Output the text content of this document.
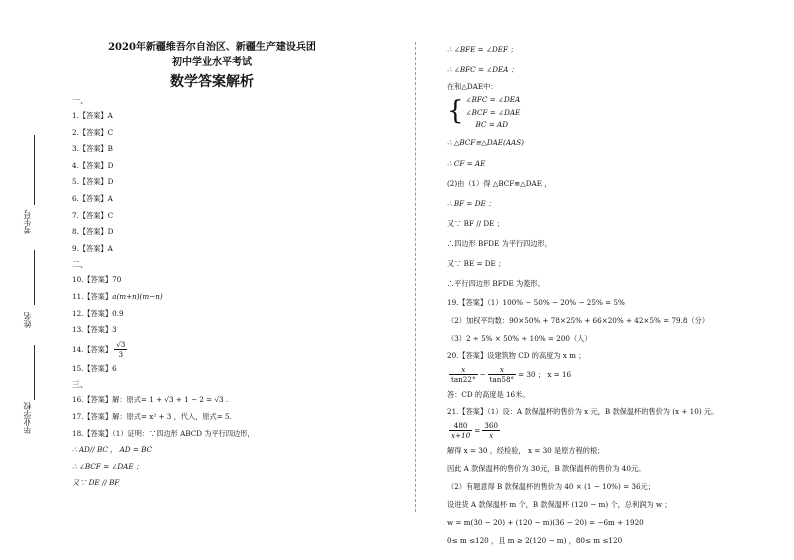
考生号
姓名
毕业学校
2020年新疆维吾尔自治区、新疆生产建设兵团
初中学业水平考试
数学答案解析
一、
1.【答案】A
2.【答案】C
3.【答案】B
4.【答案】D
5.【答案】D
6.【答案】A
7.【答案】C
8.【答案】D
9.【答案】A
二、
10.【答案】70
11.【答案】a(m+n)(m−n)
12.【答案】0.9
13.【答案】3
14.【答案】 $\frac{√3}{3}$
15.【答案】6
三、
16.【答案】解：原式= 1 + √3 + 1 − 2 = √3 .
17.【答案】解：原式= x² + 3 ，代入，原式= 5.
18.【答案】（1）证明：∵四边形 ABCD 为平行四边形，
∴ AD// BC ， AD = BC
∴ ∠BCF = ∠DAE ；
又∵ DE // BF
∴ ∠BFE = ∠DEF ；
∴ ∠BFC = ∠DEA ；
在和△DAE中：
{ ∠BFC = ∠DEA
∠BCF = ∠DAE
BC = AD
∴ △BCF≌△DAE(AAS)
∴ CF = AE
(2)由（1）得 △BCF≌△DAE ，
∴ BF = DE ；
又∵ BF // DE ；
∴四边形 BFDE 为平行四边形，
又∵ BE = DE ；
∴平行四边形 BFDE 为菱形。
19.【答案】（1）100% − 50% − 20% − 25% = 5%
（2）加权平均数：90×50% + 78×25% + 66×20% + 42×5% = 79.8（分）
（3）2 ÷ 5% × 50% ÷ 10% = 200（人）
20.【答案】设建筑物 CD 的高度为 x m ；
$\frac{x}{\tan 22^\circ} - \frac{x}{\tan 58^\circ} = 30$ ； x = 16
答：CD 的高度是 16米。
21.【答案】（1）设：A 款保温杯的售价为 x 元，B 款保温杯的售价为 (x + 10) 元。
$\frac{480}{x+10} = \frac{360}{x}$
解得 x = 30 ，经检验， x = 30 是原方程的根；
因此 A 款保温杯的售价为 30元，B 款保温杯的售价为 40元。
（2）有题意得 B 款保温杯的售价为 40 × (1 − 10%) = 36元；
设进货 A 款保温杯 m 个，B 款保温杯 (120 − m) 个，总利润为 w ；
w = m(30 − 20) + (120 − m)(36 − 20) = −6m + 1920
0≤ m ≤120 ，且 m ≥ 2(120 − m) ，80≤ m ≤120
